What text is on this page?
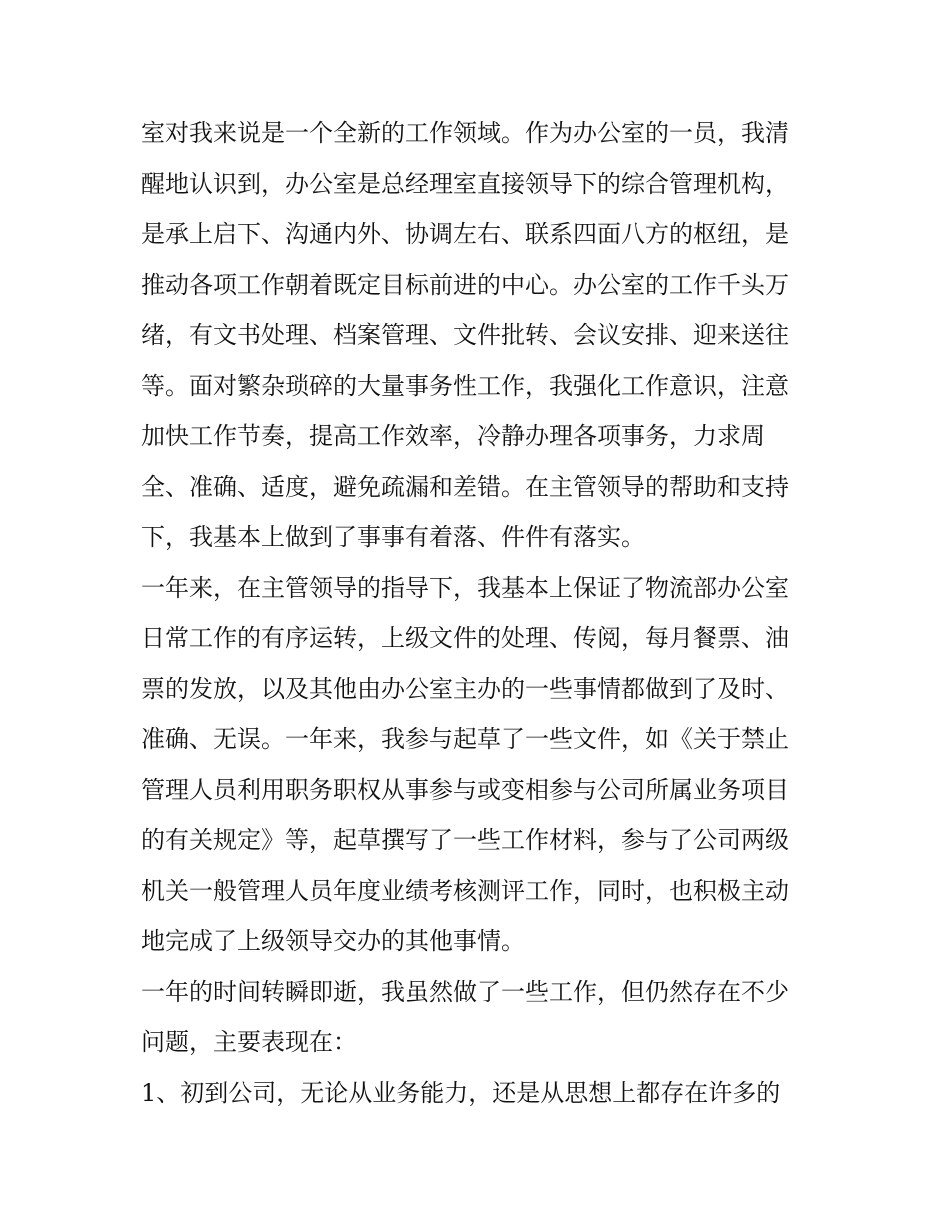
室对我来说是一个全新的工作领域。作为办公室的一员，我清
醒地认识到，办公室是总经理室直接领导下的综合管理机构，
是承上启下、沟通内外、协调左右、联系四面八方的枢纽，是
推动各项工作朝着既定目标前进的中心。办公室的工作千头万
绪，有文书处理、档案管理、文件批转、会议安排、迎来送往
等。面对繁杂琐碎的大量事务性工作，我强化工作意识，注意
加快工作节奏，提高工作效率，冷静办理各项事务，力求周
全、准确、适度，避免疏漏和差错。在主管领导的帮助和支持
下，我基本上做到了事事有着落、件件有落实。
一年来，在主管领导的指导下，我基本上保证了物流部办公室
日常工作的有序运转，上级文件的处理、传阅，每月餐票、油
票的发放，以及其他由办公室主办的一些事情都做到了及时、
准确、无误。一年来，我参与起草了一些文件，如《关于禁止
管理人员利用职务职权从事参与或变相参与公司所属业务项目
的有关规定》等，起草撰写了一些工作材料，参与了公司两级
机关一般管理人员年度业绩考核测评工作，同时，也积极主动
地完成了上级领导交办的其他事情。
一年的时间转瞬即逝，我虽然做了一些工作，但仍然存在不少
问题，主要表现在：
1、初到公司，无论从业务能力，还是从思想上都存在许多的
